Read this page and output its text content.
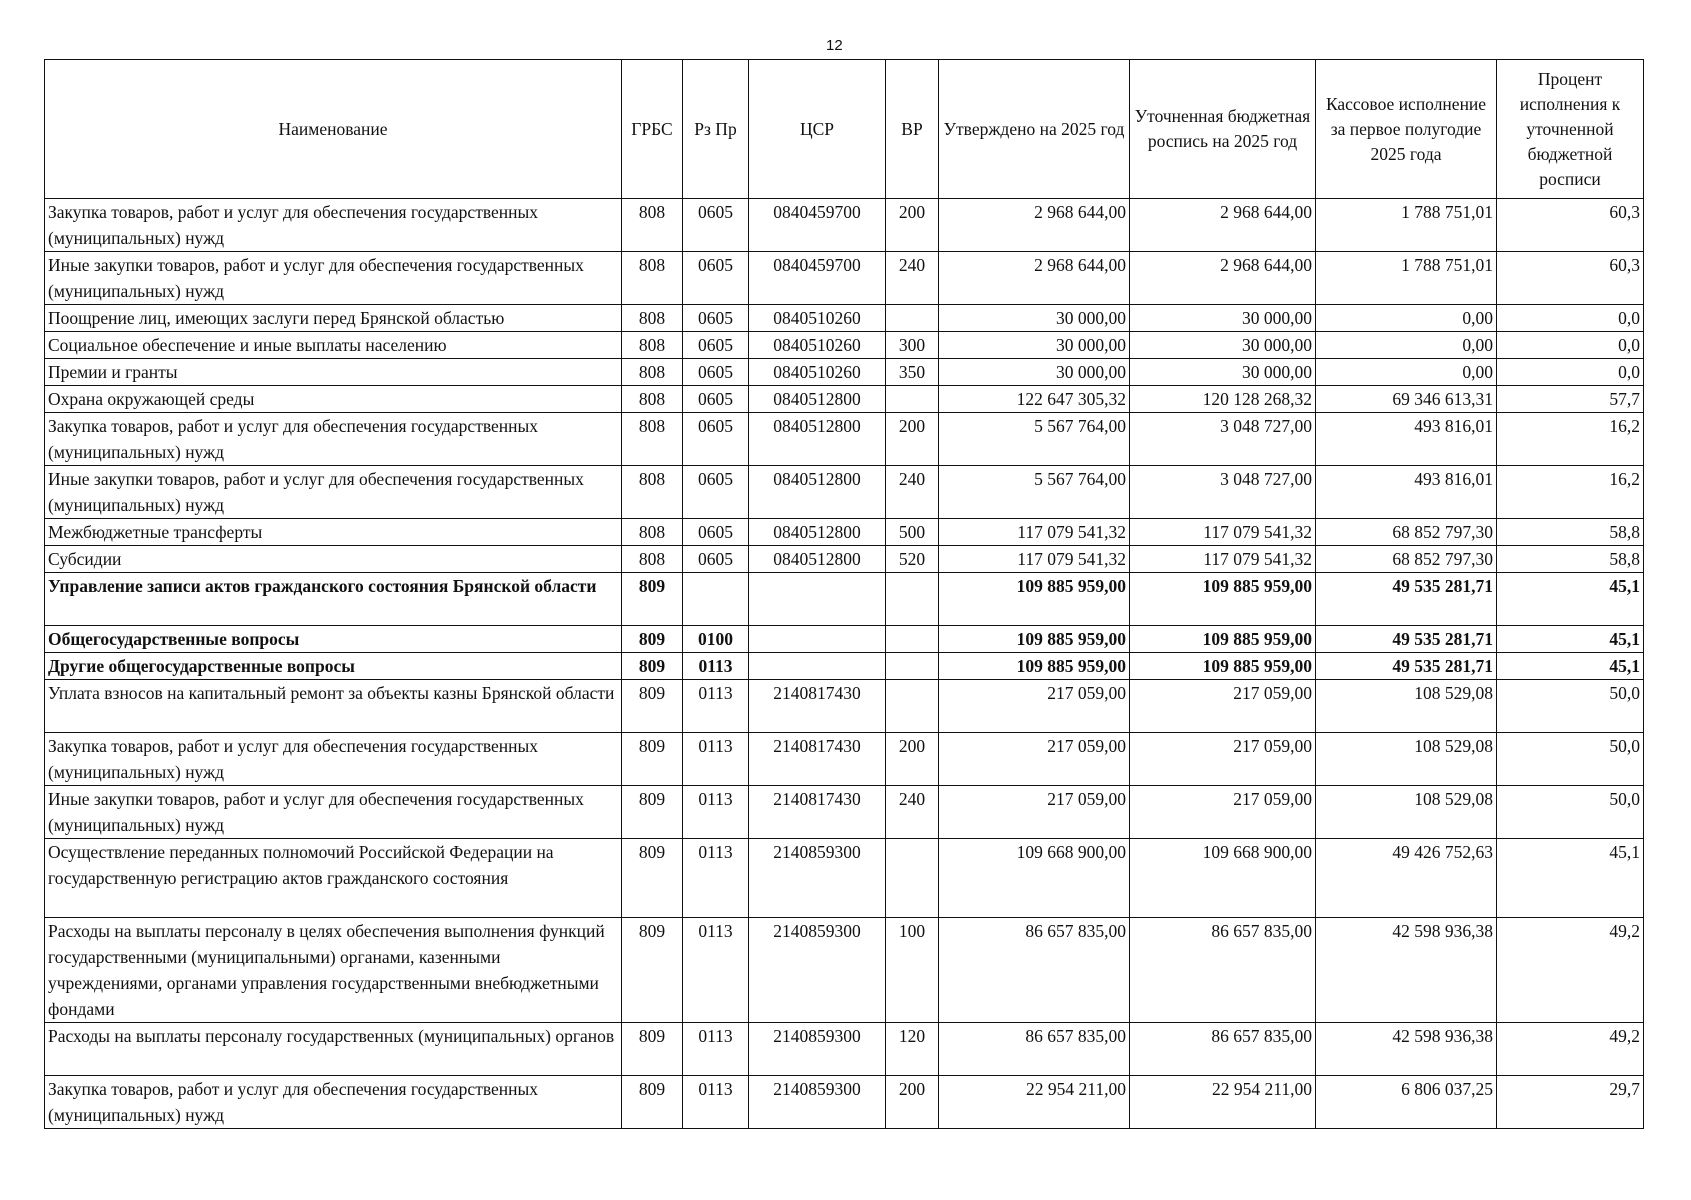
12
Наименование	ГРБС	Рз Пр	ЦСР	ВР	Утверждено на 2025 год	Уточненная бюджетная роспись на 2025 год	Кассовое исполнение за первое полугодие 2025 года	Процент исполнения к уточненной бюджетной росписи
Закупка товаров, работ и услуг для обеспечения государственных (муниципальных) нужд	808	0605	0840459700	200	2 968 644,00	2 968 644,00	1 788 751,01	60,3
Иные закупки товаров, работ и услуг для обеспечения государственных (муниципальных) нужд	808	0605	0840459700	240	2 968 644,00	2 968 644,00	1 788 751,01	60,3
Поощрение лиц, имеющих заслуги перед Брянской областью	808	0605	0840510260		30 000,00	30 000,00	0,00	0,0
Социальное обеспечение и иные выплаты населению	808	0605	0840510260	300	30 000,00	30 000,00	0,00	0,0
Премии и гранты	808	0605	0840510260	350	30 000,00	30 000,00	0,00	0,0
Охрана окружающей среды	808	0605	0840512800		122 647 305,32	120 128 268,32	69 346 613,31	57,7
Закупка товаров, работ и услуг для обеспечения государственных (муниципальных) нужд	808	0605	0840512800	200	5 567 764,00	3 048 727,00	493 816,01	16,2
Иные закупки товаров, работ и услуг для обеспечения государственных (муниципальных) нужд	808	0605	0840512800	240	5 567 764,00	3 048 727,00	493 816,01	16,2
Межбюджетные трансферты	808	0605	0840512800	500	117 079 541,32	117 079 541,32	68 852 797,30	58,8
Субсидии	808	0605	0840512800	520	117 079 541,32	117 079 541,32	68 852 797,30	58,8
Управление записи актов гражданского состояния Брянской области	809				109 885 959,00	109 885 959,00	49 535 281,71	45,1
Общегосударственные вопросы	809	0100			109 885 959,00	109 885 959,00	49 535 281,71	45,1
Другие общегосударственные вопросы	809	0113			109 885 959,00	109 885 959,00	49 535 281,71	45,1
Уплата взносов на капитальный ремонт за объекты казны Брянской области	809	0113	2140817430		217 059,00	217 059,00	108 529,08	50,0
Закупка товаров, работ и услуг для обеспечения государственных (муниципальных) нужд	809	0113	2140817430	200	217 059,00	217 059,00	108 529,08	50,0
Иные закупки товаров, работ и услуг для обеспечения государственных (муниципальных) нужд	809	0113	2140817430	240	217 059,00	217 059,00	108 529,08	50,0
Осуществление переданных полномочий Российской Федерации на государственную регистрацию актов гражданского состояния	809	0113	2140859300		109 668 900,00	109 668 900,00	49 426 752,63	45,1
Расходы на выплаты персоналу в целях обеспечения выполнения функций государственными (муниципальными) органами, казенными учреждениями, органами управления государственными внебюджетными фондами	809	0113	2140859300	100	86 657 835,00	86 657 835,00	42 598 936,38	49,2
Расходы на выплаты персоналу государственных (муниципальных) органов	809	0113	2140859300	120	86 657 835,00	86 657 835,00	42 598 936,38	49,2
Закупка товаров, работ и услуг для обеспечения государственных (муниципальных) нужд	809	0113	2140859300	200	22 954 211,00	22 954 211,00	6 806 037,25	29,7
